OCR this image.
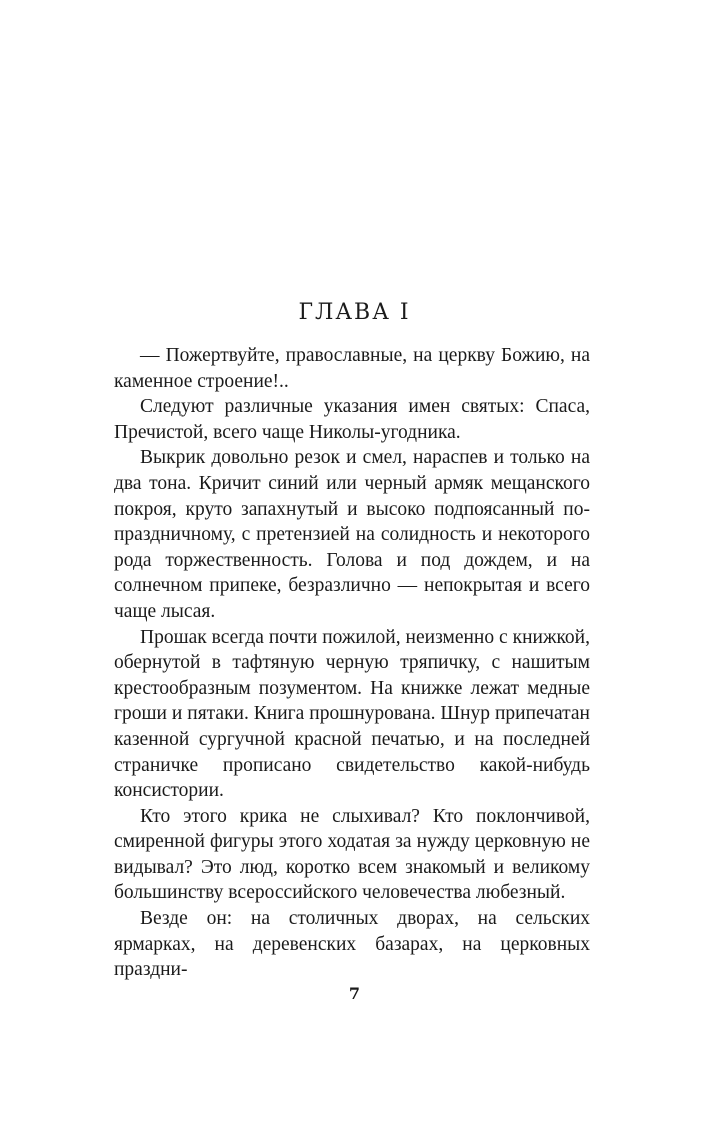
ГЛАВА I

— Пожертвуйте, православные, на церкву Божию, на каменное строение!..

Следуют различные указания имен святых: Спаса, Пречистой, всего чаще Николы-угодника.

Выкрик довольно резок и смел, нараспев и только на два тона. Кричит синий или черный армяк мещанского покроя, круто запахнутый и высоко подпоясанный по-праздничному, с претензией на солидность и некоторого рода торжественность. Голова и под дождем, и на солнечном припеке, безразлично — непокрытая и всего чаще лысая.

Прошак всегда почти пожилой, неизменно с книжкой, обернутой в тафтяную черную тряпичку, с нашитым крестообразным позументом. На книжке лежат медные гроши и пятаки. Книга прошнурована. Шнур припечатан казенной сургучной красной печатью, и на последней страничке прописано свидетельство какой-нибудь консистории.

Кто этого крика не слыхивал? Кто поклончивой, смиренной фигуры этого ходатая за нужду церковную не видывал? Это люд, коротко всем знакомый и великому большинству всероссийского человечества любезный.

Везде он: на столичных дворах, на сельских ярмарках, на деревенских базарах, на церковных праздни-

7
